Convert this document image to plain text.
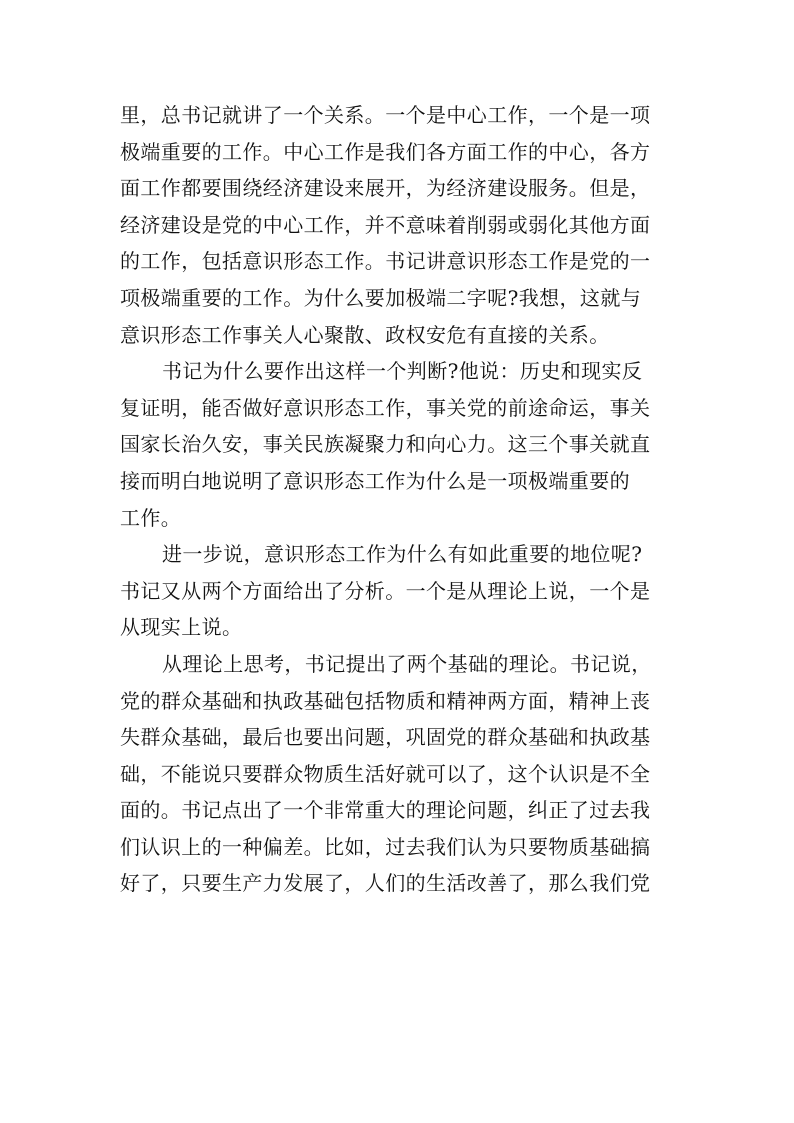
里，总书记就讲了一个关系。一个是中心工作，一个是一项
极端重要的工作。中心工作是我们各方面工作的中心，各方
面工作都要围绕经济建设来展开，为经济建设服务。但是，
经济建设是党的中心工作，并不意味着削弱或弱化其他方面
的工作，包括意识形态工作。书记讲意识形态工作是党的一
项极端重要的工作。为什么要加极端二字呢?我想，这就与
意识形态工作事关人心聚散、政权安危有直接的关系。

书记为什么要作出这样一个判断?他说：历史和现实反
复证明，能否做好意识形态工作，事关党的前途命运，事关
国家长治久安，事关民族凝聚力和向心力。这三个事关就直
接而明白地说明了意识形态工作为什么是一项极端重要的
工作。

进一步说，意识形态工作为什么有如此重要的地位呢?
书记又从两个方面给出了分析。一个是从理论上说，一个是
从现实上说。

从理论上思考，书记提出了两个基础的理论。书记说，
党的群众基础和执政基础包括物质和精神两方面，精神上丧
失群众基础，最后也要出问题，巩固党的群众基础和执政基
础，不能说只要群众物质生活好就可以了，这个认识是不全
面的。书记点出了一个非常重大的理论问题，纠正了过去我
们认识上的一种偏差。比如，过去我们认为只要物质基础搞
好了，只要生产力发展了，人们的生活改善了，那么我们党
